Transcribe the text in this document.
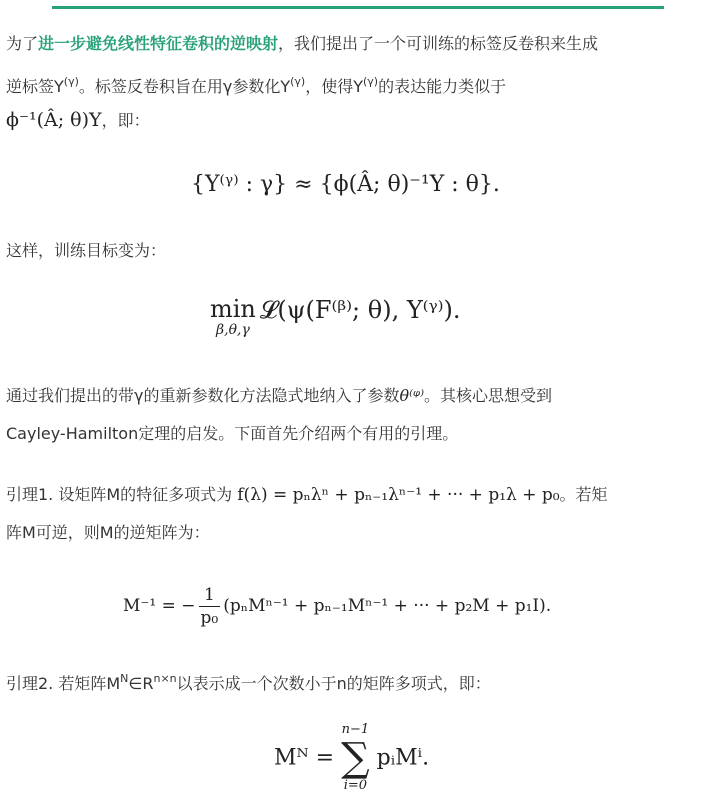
为了进一步避免线性特征卷积的逆映射，我们提出了一个可训练的标签反卷积来生成
逆标签$Y^{(\gamma)}$。标签反卷积旨在用γ参数化$Y^{(\gamma)}$，使得$Y^{(\gamma)}$的表达能力类似于
ϕ⁻¹(Â; θ)Y，即：
{Y⁽ᵞ⁾ : γ} ≈ {ϕ(Â; θ)⁻¹Y : θ}.
这样，训练目标变为：
min
β,θ,γ
𝓛(ψ(F⁽ᵝ⁾; θ), Y⁽ᵞ⁾).
通过我们提出的带γ的重新参数化方法隐式地纳入了参数θ⁽ᵠ⁾。其核心思想受到
Cayley-Hamilton定理的启发。下面首先介绍两个有用的引理。
引理1. 设矩阵M的特征多项式为 f(λ) = pₙλⁿ + pₙ₋₁λⁿ⁻¹ + ··· + p₁λ + p₀。若矩
阵M可逆，则M的逆矩阵为：
M⁻¹ = − $\frac{1}{\text{p₀}} (p_nM^{n-1} + p_{n-1}M^{n-1}$ + ··· + p₂M + p₁I).
引理2. 若矩阵$M^N\in R^{n\times n}$以表示成一个次数小于n的矩阵多项式，即：
Mᴺ =
n−1
∑
i=0
pᵢMⁱ.
